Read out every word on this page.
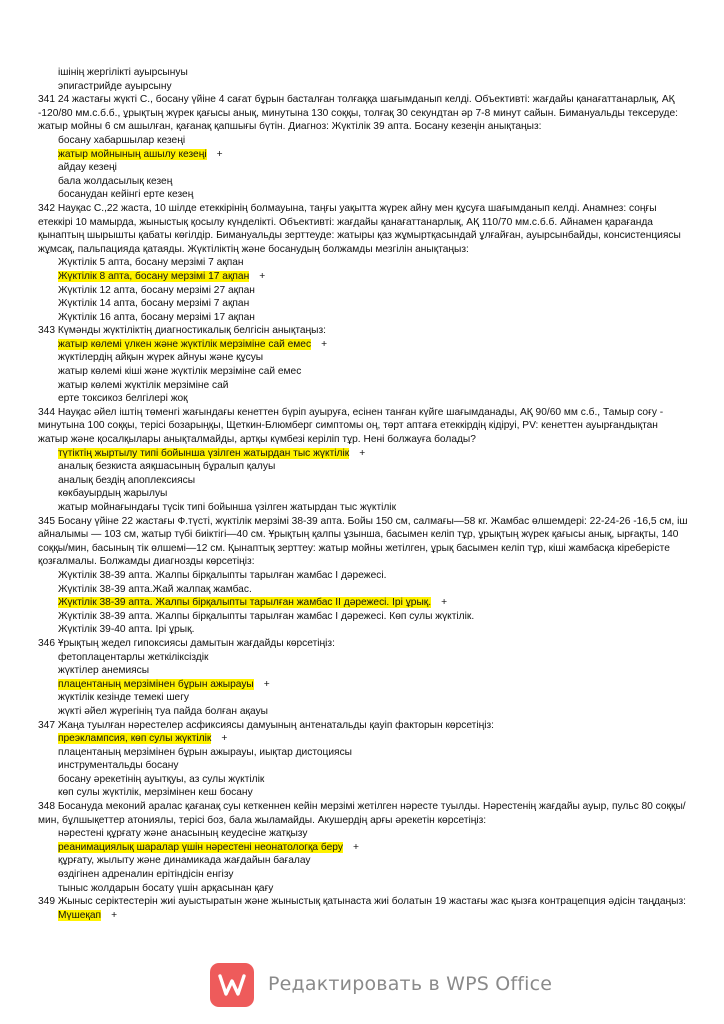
ішінің жергілікті ауырсынуы
эпигастрийде ауырсыну
341 24 жастағы жүкті С., босану үйіне 4 сағат бұрын басталған толғаққа шағымданып келді. Объективті: жағдайы қанағаттанарлық, АҚ -120/80 мм.с.б.б., ұрықтың жүрек қағысы анық, минутына 130 соққы, толғақ 30 секундтан әр 7-8 минут сайын. Бимануальды тексеруде: жатыр мойны 6 см ашылған, қағанақ қапшығы бүтін. Диагноз: Жүктілік 39 апта. Босану кезеңін анықтаңыз:
босану хабаршылар кезеңі
жатыр мойнының ашылу кезеңі +
айдау кезеңі
бала жолдасылық кезең
босанудан кейінгі ерте кезең
342 Науқас С.,22 жаста, 10 шілде етеккірінің болмауына, таңғы уақытта жүрек айну мен құсуға шағымданып келді. Анамнез: соңғы етеккірі 10 мамырда, жыныстық қосылу күнделікті. Объективті: жағдайы қанағаттанарлық, АҚ 110/70 мм.с.б.б. Айнамен қарағанда қынаптың шырышты қабаты көгілдір. Бимануальды зерттеуде: жатыры қаз жұмыртқасындай ұлғайған, ауырсынбайды, консистенциясы жұмсақ, пальпацияда қатаяды. Жүктіліктің және босанудың болжамды мезгілін анықтаңыз:
Жүктілік 5 апта, босану мерзімі 7 ақпан
Жүктілік 8 апта, босану мерзімі 17 ақпан +
Жүктілік 12 апта, босану мерзімі 27 ақпан
Жүктілік 14 апта, босану мерзімі 7 ақпан
Жүктілік 16 апта, босану мерзімі 17 ақпан
343 Күмәнды жүктіліктің диагностикалық белгісін анықтаңыз:
жатыр көлемі үлкен және жүктілік мерзіміне сай емес +
жүктілердің айқын жүрек айнуы және құсуы
жатыр көлемі кіші және жүктілік мерзіміне сай емес
жатыр көлемі жүктілік мерзіміне сай
ерте токсикоз белгілері жоқ
344 Науқас әйел іштің төменгі жағындағы кенеттен бүріп ауыруға, есінен танған күйге шағымданады, АҚ 90/60 мм с.б., Тамыр соғу - минутына 100 соққы, терісі бозарыңқы, Щеткин-Блюмберг симптомы оң, төрт аптаға етеккірдің кідіруі, PV: кенеттен ауырғандықтан жатыр және қосалқылары анықталмайды, артқы күмбезі керіліп тұр. Нені болжауға болады?
түтіктің жыртылу типі бойынша үзілген жатырдан тыс жүктілік +
аналық безкиста аяқшасының бұралып қалуы
аналық бездің апоплексиясы
көкбауырдың жарылуы
жатыр мойнағындағы түсік типі бойынша үзілген жатырдан тыс жүктілік
345 Босану үйіне 22 жастағы Ф.түсті, жүктілік мерзімі 38-39 апта. Бойы 150 см, салмағы—58 кг. Жамбас өлшемдері: 22-24-26 -16,5 см, іш айналымы — 103 см, жатыр түбі биіктігі—40 см. Ұрықтың қалпы ұзынша, басымен келіп тұр, ұрықтың жүрек қағысы анық, ырғақты, 140 соққы/мин, басының тік өлшемі—12 см. Қынаптық зерттеу: жатыр мойны жетілген, ұрық басымен келіп тұр, кіші жамбасқа кіреберісте қозғалмалы. Болжамды диагнозды көрсетіңіз:
Жүктілік 38-39 апта. Жалпы бірқалыпты тарылған жамбас I дәрежесі.
Жүктілік 38-39 апта.Жай жалпақ жамбас.
Жүктілік 38-39 апта. Жалпы бірқалыпты тарылған жамбас II дәрежесі. Ірі ұрық. +
Жүктілік 38-39 апта. Жалпы бірқалыпты тарылған жамбас I дәрежесі. Көп сулы жүктілік.
Жүктілік 39-40 апта. Ірі ұрық.
346 Ұрықтың жедел гипоксиясы дамытын жағдайды көрсетіңіз:
фетоплацентарлы жеткіліксіздік
жүктілер анемиясы
плацентаның мерзімінен бұрын ажырауы +
жүктілік кезінде темекі шегу
жүкті әйел жүрегінің туа пайда болған ақауы
347 Жаңа туылған нәрестелер асфиксиясы дамуының антенатальды қауіп факторын көрсетіңіз:
преэклампсия, көп сулы жүктілік +
плацентаның мерзімінен бұрын ажырауы, иықтар дистоциясы
инструментальды босану
босану әрекетінің ауытқуы, аз сулы жүктілік
көп сулы жүктілік, мерзімінен кеш босану
348 Босануда меконий аралас қағанақ суы кеткеннен кейін мерзімі жетілген нәресте туылды. Нәрестенің жағдайы ауыр, пульс 80 соққы/мин, бұлшықеттер атониялы, терісі боз, бала жыламайды. Акушердің арғы әрекетін көрсетіңіз:
нәрестені құрғату және анасының кеудесіне жатқызу
реанимациялық шаралар үшін нәрестені неонатологқа беру +
құрғату, жылыту және динамикада жағдайын бағалау
өздігінен адреналин ерітіндісін енгізу
тыныс жолдарын босату үшін арқасынан қағу
349 Жыныс серіктестерін жиі ауыстыратын және жыныстық қатынаста жиі болатын 19 жастағы жас қызға контрацепция әдісін таңдаңыз:
Мүшеқап +
Редактировать в WPS Office
